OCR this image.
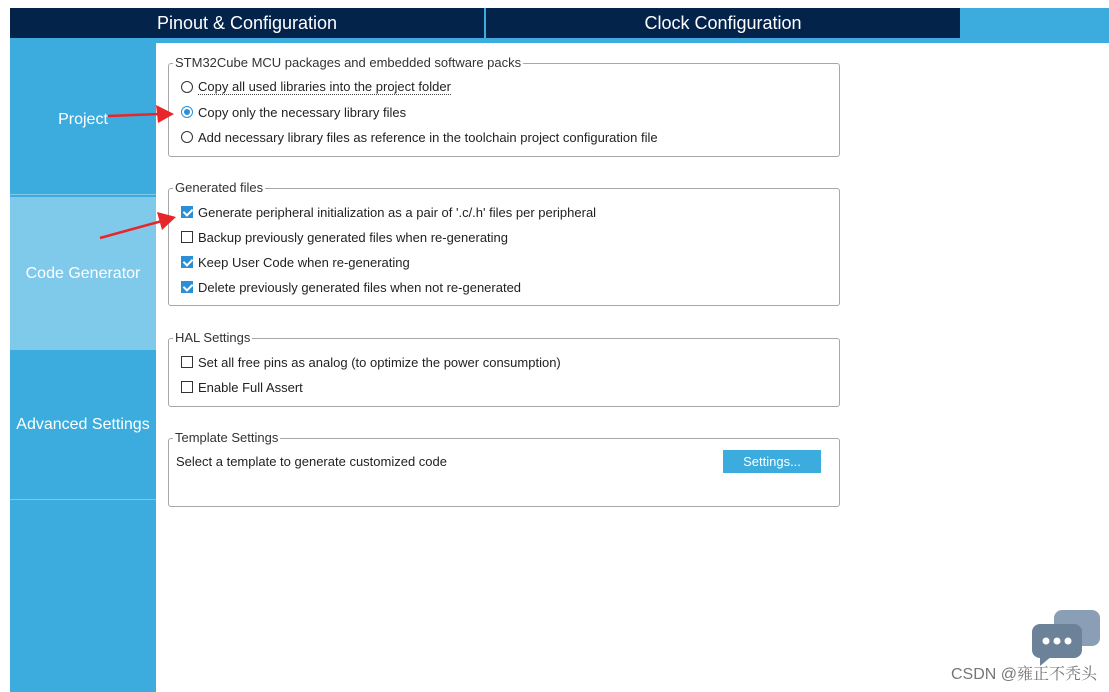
Pinout & Configuration	Clock Configuration
Project
Code Generator
Advanced Settings
STM32Cube MCU packages and embedded software packs
Copy all used libraries into the project folder
Copy only the necessary library files
Add necessary library files as reference in the toolchain project configuration file
Generated files
Generate peripheral initialization as a pair of '.c/.h' files per peripheral
Backup previously generated files when re-generating
Keep User Code when re-generating
Delete previously generated files when not re-generated
HAL Settings
Set all free pins as analog (to optimize the power consumption)
Enable Full Assert
Template Settings
Select a template to generate customized code	Settings...
CSDN @雍正不秃头
